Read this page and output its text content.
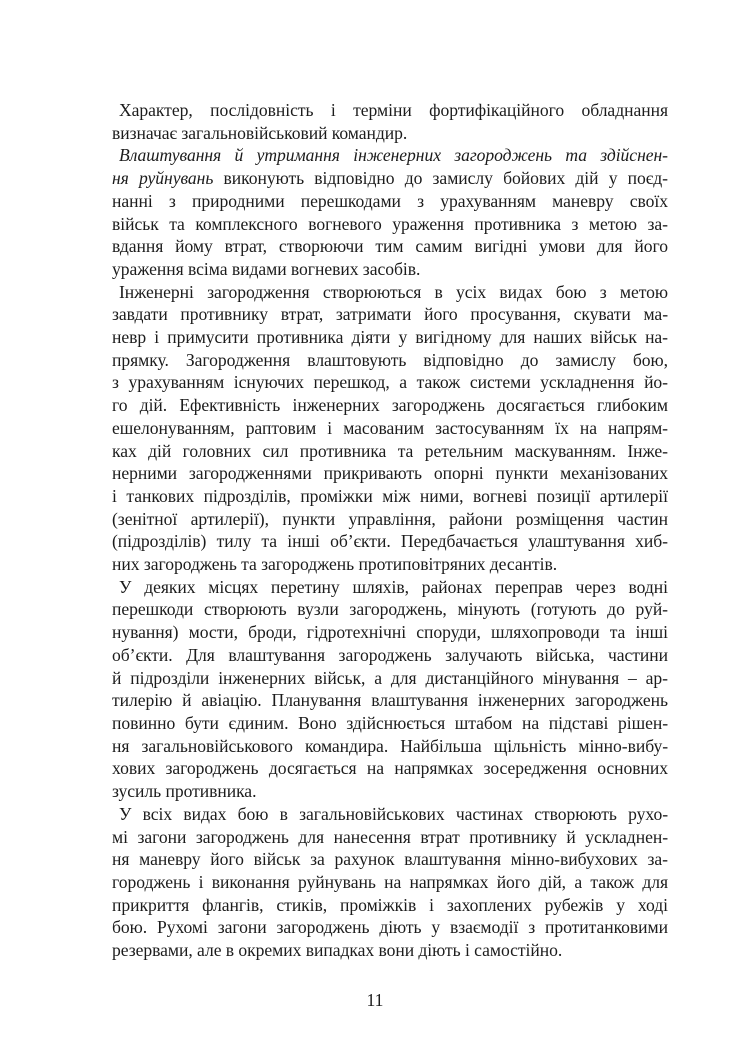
Характер, послідовність і терміни фортифікаційного обладнання
визначає загальновійськовий командир.
Влаштування й утримання інженерних загороджень та здійснен-
ня руйнувань виконують відповідно до замислу бойових дій у поєд-
нанні з природними перешкодами з урахуванням маневру своїх
військ та комплексного вогневого ураження противника з метою за-
вдання йому втрат, створюючи тим самим вигідні умови для його
ураження всіма видами вогневих засобів.
Інженерні загородження створюються в усіх видах бою з метою
завдати противнику втрат, затримати його просування, скувати ма-
невр і примусити противника діяти у вигідному для наших військ на-
прямку. Загородження влаштовують відповідно до замислу бою,
з урахуванням існуючих перешкод, а також системи ускладнення йо-
го дій. Ефективність інженерних загороджень досягається глибоким
ешелонуванням, раптовим і масованим застосуванням їх на напрям-
ках дій головних сил противника та ретельним маскуванням. Інже-
нерними загородженнями прикривають опорні пункти механізованих
і танкових підрозділів, проміжки між ними, вогневі позиції артилерії
(зенітної артилерії), пункти управління, райони розміщення частин
(підрозділів) тилу та інші об’єкти. Передбачається улаштування хиб-
них загороджень та загороджень протиповітряних десантів.
У деяких місцях перетину шляхів, районах переправ через водні
перешкоди створюють вузли загороджень, мінують (готують до руй-
нування) мости, броди, гідротехнічні споруди, шляхопроводи та інші
об’єкти. Для влаштування загороджень залучають війська, частини
й підрозділи інженерних військ, а для дистанційного мінування – ар-
тилерію й авіацію. Планування влаштування інженерних загороджень
повинно бути єдиним. Воно здійснюється штабом на підставі рішен-
ня загальновійськового командира. Найбільша щільність мінно-вибу-
хових загороджень досягається на напрямках зосередження основних
зусиль противника.
У всіх видах бою в загальновійськових частинах створюють рухо-
мі загони загороджень для нанесення втрат противнику й ускладнен-
ня маневру його військ за рахунок влаштування мінно-вибухових за-
городжень і виконання руйнувань на напрямках його дій, а також для
прикриття флангів, стиків, проміжків і захоплених рубежів у ході
бою. Рухомі загони загороджень діють у взаємодії з протитанковими
резервами, але в окремих випадках вони діють і самостійно.
11
